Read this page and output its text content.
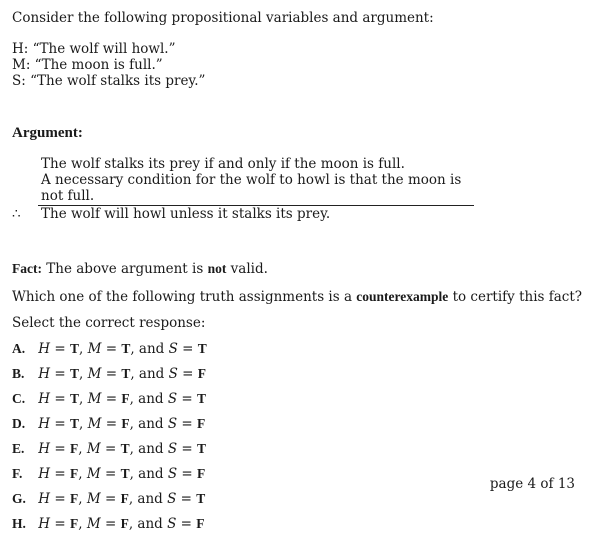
Consider the following propositional variables and argument:
H: “The wolf will howl.”
M: “The moon is full.”
S: “The wolf stalks its prey.”
Argument:
The wolf stalks its prey if and only if the moon is full.
A necessary condition for the wolf to howl is that the moon is not full.
∴	The wolf will howl unless it stalks its prey.
Fact: The above argument is not valid.
Which one of the following truth assignments is a counterexample to certify this fact?
Select the correct response:
A. H = T, M = T, and S = T
B.	H = T, M = T, and S = F
C. H = T, M = F, and S = T
D. H = T, M = F, and S = F
E.	H = F, M = T, and S = T
F.	H = F, M = T, and S = F
G. H = F, M = F, and S = T
H. H = F, M = F, and S = F
page 4 of 13
